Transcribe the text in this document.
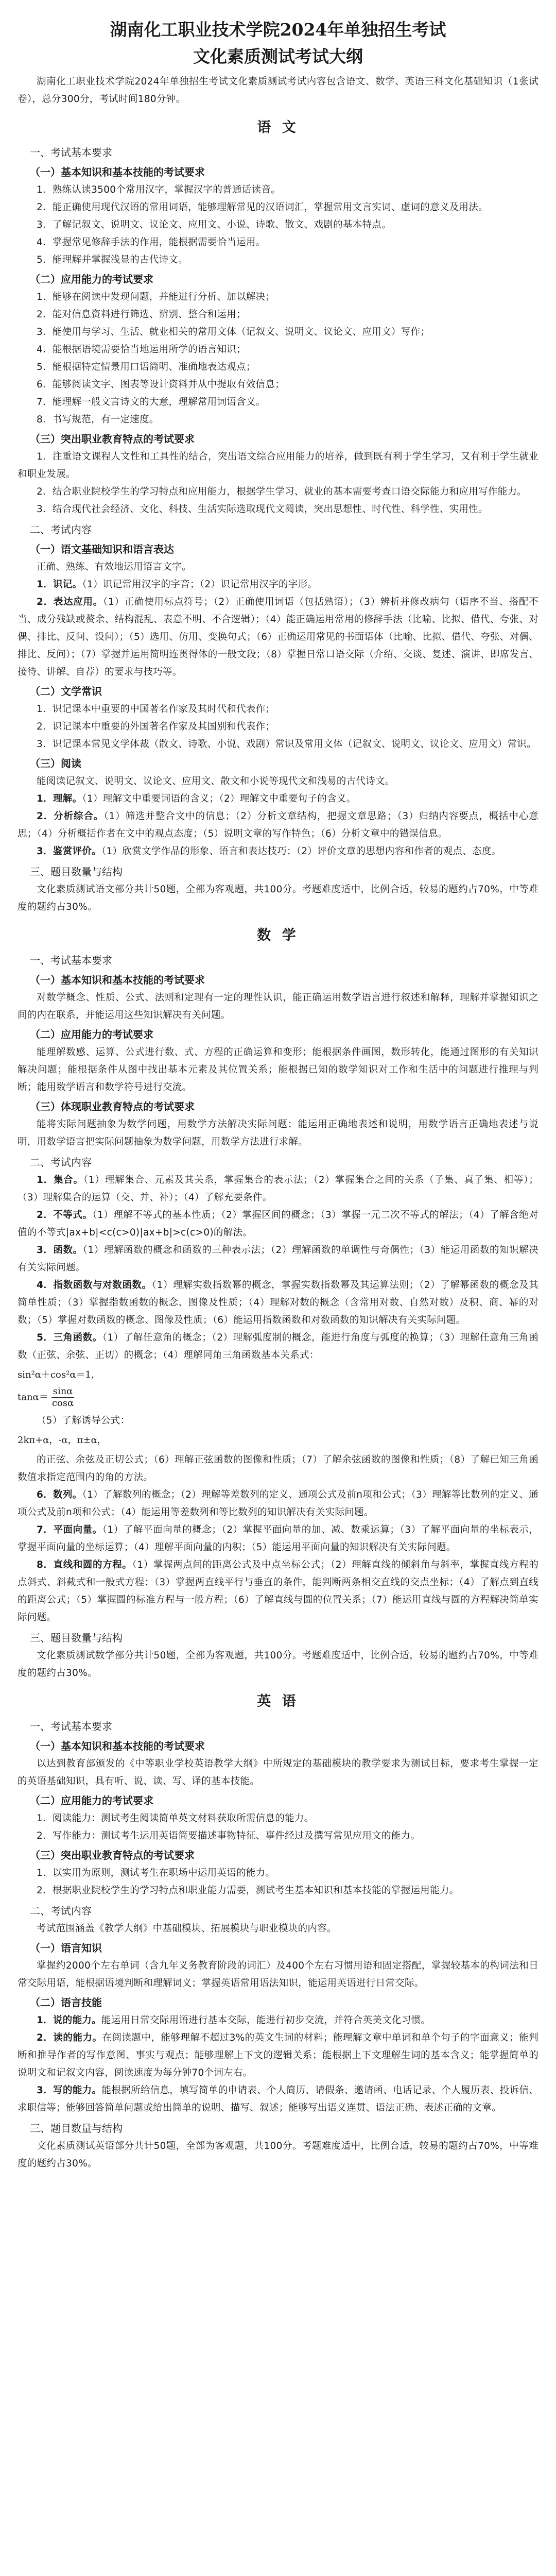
湖南化工职业技术学院2024年单独招生考试
文化素质测试考试大纲

湖南化工职业技术学院2024年单独招生考试文化素质测试考试内容包含语文、数学、英语三科文化基础知识（1张试卷），总分300分，考试时间180分钟。

语 文
一、考试基本要求
（一）基本知识和基本技能的考试要求

1．熟练认读3500个常用汉字，掌握汉字的普通话读音。

2．能正确使用现代汉语的常用词语，能够理解常见的汉语词汇，掌握常用文言实词、虚词的意义及用法。

3．了解记叙文、说明文、议论文、应用文、小说、诗歌、散文、戏剧的基本特点。

4．掌握常见修辞手法的作用，能根据需要恰当运用。

5．能理解并掌握浅显的古代诗文。

（二）应用能力的考试要求

1．能够在阅读中发现问题，并能进行分析、加以解决；

2．能对信息资料进行筛选、辨别、整合和运用；

3．能使用与学习、生活、就业相关的常用文体（记叙文、说明文、议论文、应用文）写作；

4．能根据语境需要恰当地运用所学的语言知识；

5．能根据特定情景用口语简明、准确地表达观点；

6．能够阅读文字、图表等设计资料并从中提取有效信息；

7．能理解一般文言诗文的大意，理解常用词语含义。

8．书写规范，有一定速度。

（三）突出职业教育特点的考试要求

1．注重语文课程人文性和工具性的结合，突出语文综合应用能力的培养，做到既有利于学生学习，又有利于学生就业和职业发展。

2．结合职业院校学生的学习特点和应用能力，根据学生学习、就业的基本需要考查口语交际能力和应用写作能力。

3．结合现代社会经济、文化、科技、生活实际选取现代文阅读，突出思想性、时代性、科学性、实用性。

二、考试内容
（一）语文基础知识和语言表达

正确、熟练、有效地运用语言文字。

1．识记。（1）识记常用汉字的字音；（2）识记常用汉字的字形。

2．表达应用。（1）正确使用标点符号；（2）正确使用词语（包括熟语）；（3）辨析并修改病句（语序不当、搭配不当、成分残缺或赘余、结构混乱、表意不明、不合逻辑）；（4）能正确运用常用的修辞手法（比喻、比拟、借代、夸张、对偶、排比、反问、设问）；（5）选用、仿用、变换句式；（6）正确运用常见的书面语体（比喻、比拟、借代、夸张、对偶、排比、反问）；（7）掌握并运用简明连贯得体的一般文段；（8）掌握日常口语交际（介绍、交谈、复述、演讲、即席发言、接待、讲解、自荐）的要求与技巧等。

（二）文学常识

1．识记课本中重要的中国著名作家及其时代和代表作；

2．识记课本中重要的外国著名作家及其国别和代表作；

3．识记课本常见文学体裁（散文、诗歌、小说、戏剧）常识及常用文体（记叙文、说明文、议论文、应用文）常识。

（三）阅读

能阅读记叙文、说明文、议论文、应用文、散文和小说等现代文和浅易的古代诗文。

1．理解。（1）理解文中重要词语的含义；（2）理解文中重要句子的含义。

2．分析综合。（1）筛选并整合文中的信息；（2）分析文章结构，把握文章思路；（3）归纳内容要点，概括中心意思；（4）分析概括作者在文中的观点态度；（5）说明文章的写作特色；（6）分析文章中的错误信息。

3．鉴赏评价。（1）欣赏文学作品的形象、语言和表达技巧；（2）评价文章的思想内容和作者的观点、态度。

三、题目数量与结构

文化素质测试语文部分共计50题，全部为客观题，共100分。考题难度适中，比例合适，较易的题约占70%，中等难度的题约占30%。

数 学
一、考试基本要求
（一）基本知识和基本技能的考试要求

对数学概念、性质、公式、法则和定理有一定的理性认识，能正确运用数学语言进行叙述和解释，理解并掌握知识之间的内在联系，并能运用这些知识解决有关问题。

（二）应用能力的考试要求

能理解数感、运算、公式进行数、式、方程的正确运算和变形；能根据条件画图，数形转化，能通过图形的有关知识解决问题；能根据条件从图中找出基本元素及其位置关系；能根据已知的数学知识对工作和生活中的问题进行推理与判断；能用数学语言和数学符号进行交流。

（三）体现职业教育特点的考试要求

能将实际问题抽象为数学问题，用数学方法解决实际问题；能运用正确地表述和说明，用数学语言正确地表述与说明，用数学语言把实际问题抽象为数学问题，用数学方法进行求解。

二、考试内容

1．集合。（1）理解集合、元素及其关系，掌握集合的表示法；（2）掌握集合之间的关系（子集、真子集、相等）；（3）理解集合的运算（交、并、补）；（4）了解充要条件。

2．不等式。（1）理解不等式的基本性质；（2）掌握区间的概念；（3）掌握一元二次不等式的解法；（4）了解含绝对值的不等式|ax+b|<c(c>0)|ax+b|>c(c>0)的解法。

3．函数。（1）理解函数的概念和函数的三种表示法；（2）理解函数的单调性与奇偶性；（3）能运用函数的知识解决有关实际问题。

4．指数函数与对数函数。（1）理解实数指数幂的概念，掌握实数指数幂及其运算法则；（2）了解幂函数的概念及其简单性质；（3）掌握指数函数的概念、图像及性质；（4）理解对数的概念（含常用对数、自然对数）及积、商、幂的对数；（5）掌握对数函数的概念、图像及性质；（6）能运用指数函数和对数函数的知识解决有关实际问题。

5．三角函数。（1）了解任意角的概念；（2）理解弧度制的概念，能进行角度与弧度的换算；（3）理解任意角三角函数（正弦、余弦、正切）的概念；（4）理解同角三角函数基本关系式：

sin²α＋cos²α＝1，
$\tan\alpha= \frac{\sin\alpha}{\cos\alpha}$

（5）了解诱导公式：

2kπ+α，-α，π±α，

的正弦、余弦及正切公式；（6）理解正弦函数的图像和性质；（7）了解余弦函数的图像和性质；（8）了解已知三角函数值求指定范围内的角的方法。

6．数列。（1）了解数列的概念；（2）理解等差数列的定义、通项公式及前n项和公式；（3）理解等比数列的定义、通项公式及前n项和公式；（4）能运用等差数列和等比数列的知识解决有关实际问题。

7．平面向量。（1）了解平面向量的概念；（2）掌握平面向量的加、减、数乘运算；（3）了解平面向量的坐标表示，掌握平面向量的坐标运算；（4）理解平面向量的内积；（5）能运用平面向量的知识解决有关实际问题。

8．直线和圆的方程。（1）掌握两点间的距离公式及中点坐标公式；（2）理解直线的倾斜角与斜率，掌握直线方程的点斜式、斜截式和一般式方程；（3）掌握两直线平行与垂直的条件，能判断两条相交直线的交点坐标；（4）了解点到直线的距离公式；（5）掌握圆的标准方程与一般方程；（6）了解直线与圆的位置关系；（7）能运用直线与圆的方程解决简单实际问题。

三、题目数量与结构

文化素质测试数学部分共计50题，全部为客观题，共100分。考题难度适中，比例合适，较易的题约占70%，中等难度的题约占30%。

英 语
一、考试基本要求
（一）基本知识和基本技能的考试要求

以达到教育部颁发的《中等职业学校英语教学大纲》中所规定的基础模块的教学要求为测试目标，要求考生掌握一定的英语基础知识，具有听、说、读、写、译的基本技能。

（二）应用能力的考试要求

1．阅读能力：测试考生阅读简单英文材料获取所需信息的能力。

2．写作能力：测试考生运用英语简要描述事物特征、事件经过及撰写常见应用文的能力。

（三）突出职业教育特点的考试要求

1．以实用为原则，测试考生在职场中运用英语的能力。

2．根据职业院校学生的学习特点和职业能力需要，测试考生基本知识和基本技能的掌握运用能力。

二、考试内容

考试范围涵盖《教学大纲》中基础模块、拓展模块与职业模块的内容。

（一）语言知识

掌握约2000个左右单词（含九年义务教育阶段的词汇）及400个左右习惯用语和固定搭配，掌握较基本的构词法和日常交际用语，能根据语境判断和理解词义；掌握英语常用语法知识，能运用英语进行日常交际。

（二）语言技能

1．说的能力。能运用日常交际用语进行基本交际，能进行初步交流，并符合英美文化习惯。

2．读的能力。在阅读题中，能够理解不超过3%的英文生词的材料；能理解文章中单词和单个句子的字面意义；能判断和推导作者的写作意图、事实与观点；能够理解上下文的逻辑关系；能根据上下文理解生词的基本含义；能掌握简单的说明文和记叙文内容，阅读速度为每分钟70个词左右。

3．写的能力。能根据所给信息，填写简单的申请表、个人简历、请假条、邀请函、电话记录、个人履历表、投诉信、求职信等；能够回答简单问题或给出简单的说明、描写、叙述；能够写出语义连贯、语法正确、表述正确的文章。

三、题目数量与结构

文化素质测试英语部分共计50题，全部为客观题，共100分。考题难度适中，比例合适，较易的题约占70%，中等难度的题约占30%。
